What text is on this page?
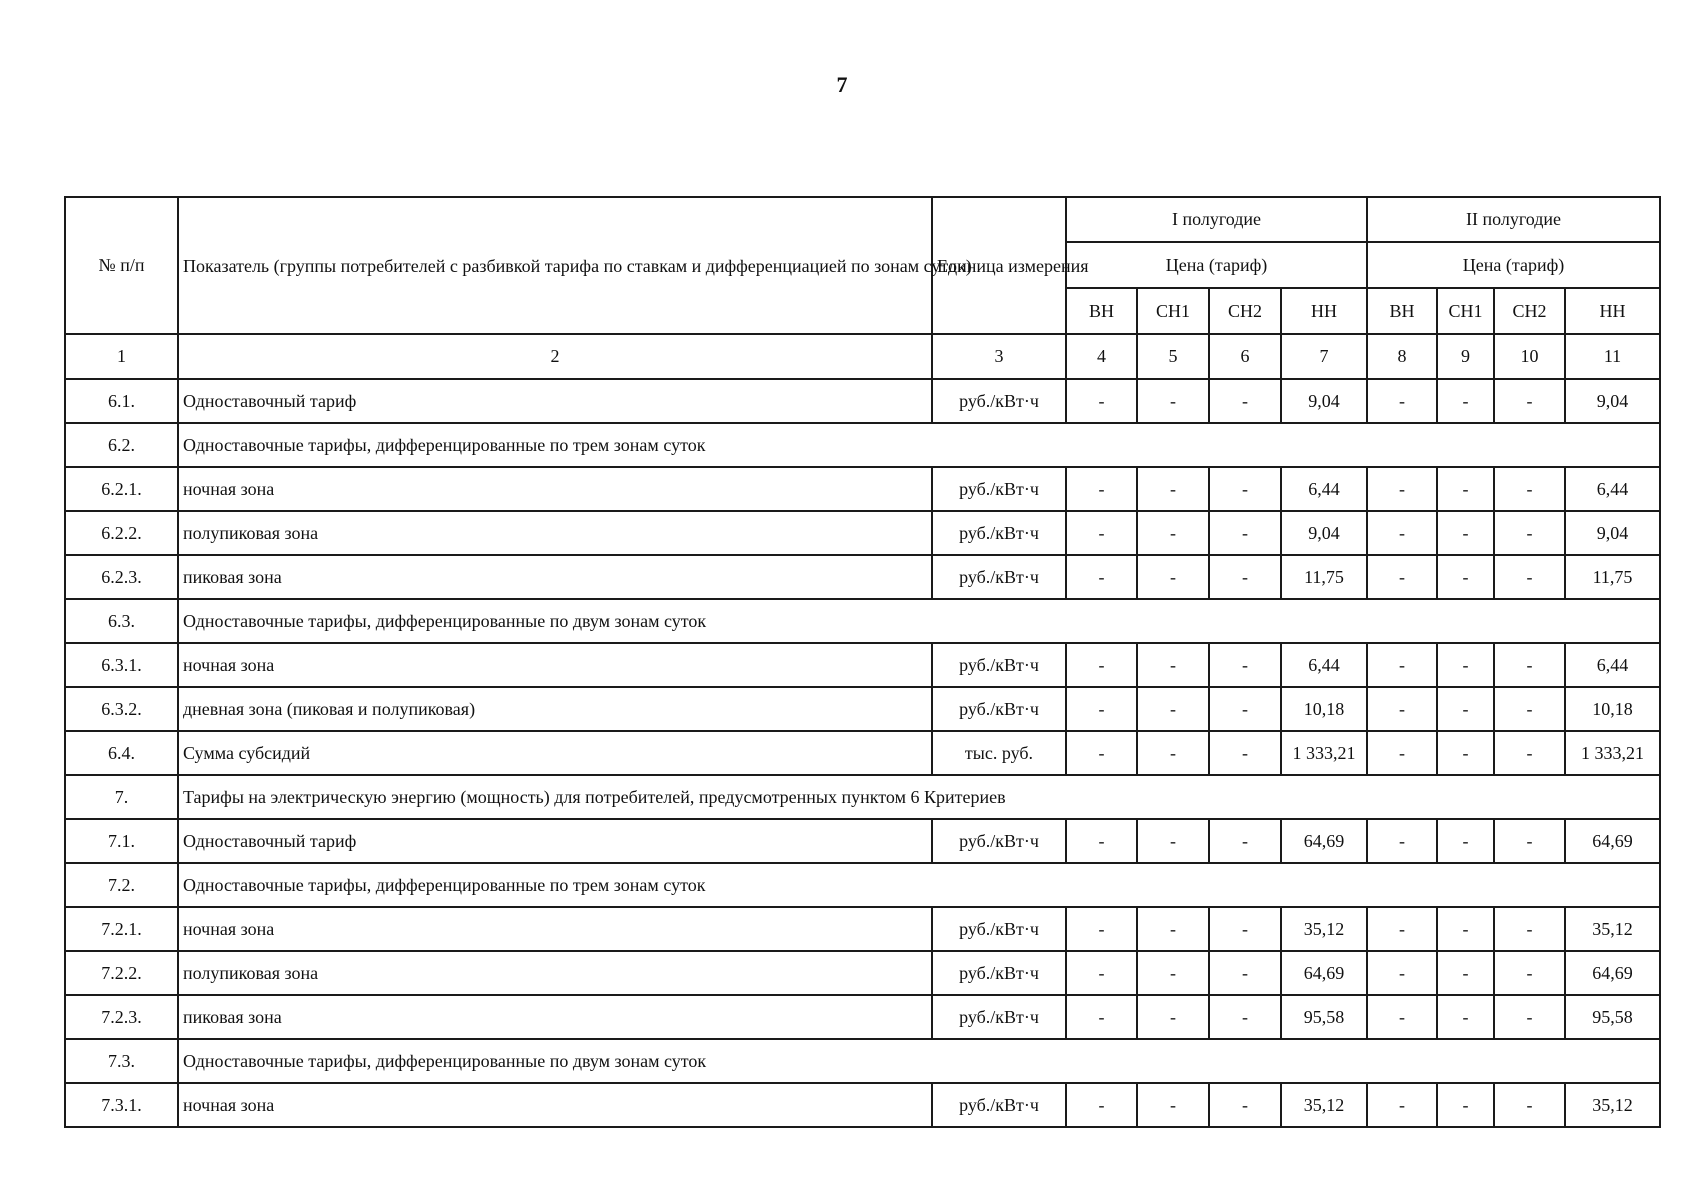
7
№ п/п	Показатель (группы потребителей с разбивкой тарифа по ставкам и дифференциацией по зонам суток)	Единица измерения	I полугодие				II полугодие			
			Цена (тариф)				Цена (тариф)			
			ВН	СН1	СН2	НН	ВН	СН1	СН2	НН
1	2	3	4	5	6	7	8	9	10	11
6.1.	Одноставочный тариф	руб./кВт·ч	-	-	-	9,04	-	-	-	9,04
6.2.	Одноставочные тарифы, дифференцированные по трем зонам суток									
6.2.1.	ночная зона	руб./кВт·ч	-	-	-	6,44	-	-	-	6,44
6.2.2.	полупиковая зона	руб./кВт·ч	-	-	-	9,04	-	-	-	9,04
6.2.3.	пиковая зона	руб./кВт·ч	-	-	-	11,75	-	-	-	11,75
6.3.	Одноставочные тарифы, дифференцированные по двум зонам суток									
6.3.1.	ночная зона	руб./кВт·ч	-	-	-	6,44	-	-	-	6,44
6.3.2.	дневная зона (пиковая и полупиковая)	руб./кВт·ч	-	-	-	10,18	-	-	-	10,18
6.4.	Сумма субсидий	тыс. руб.	-	-	-	1 333,21	-	-	-	1 333,21
7.	Тарифы на электрическую энергию (мощность) для потребителей, предусмотренных пунктом 6 Критериев									
7.1.	Одноставочный тариф	руб./кВт·ч	-	-	-	64,69	-	-	-	64,69
7.2.	Одноставочные тарифы, дифференцированные по трем зонам суток									
7.2.1.	ночная зона	руб./кВт·ч	-	-	-	35,12	-	-	-	35,12
7.2.2.	полупиковая зона	руб./кВт·ч	-	-	-	64,69	-	-	-	64,69
7.2.3.	пиковая зона	руб./кВт·ч	-	-	-	95,58	-	-	-	95,58
7.3.	Одноставочные тарифы, дифференцированные по двум зонам суток									
7.3.1.	ночная зона	руб./кВт·ч	-	-	-	35,12	-	-	-	35,12
